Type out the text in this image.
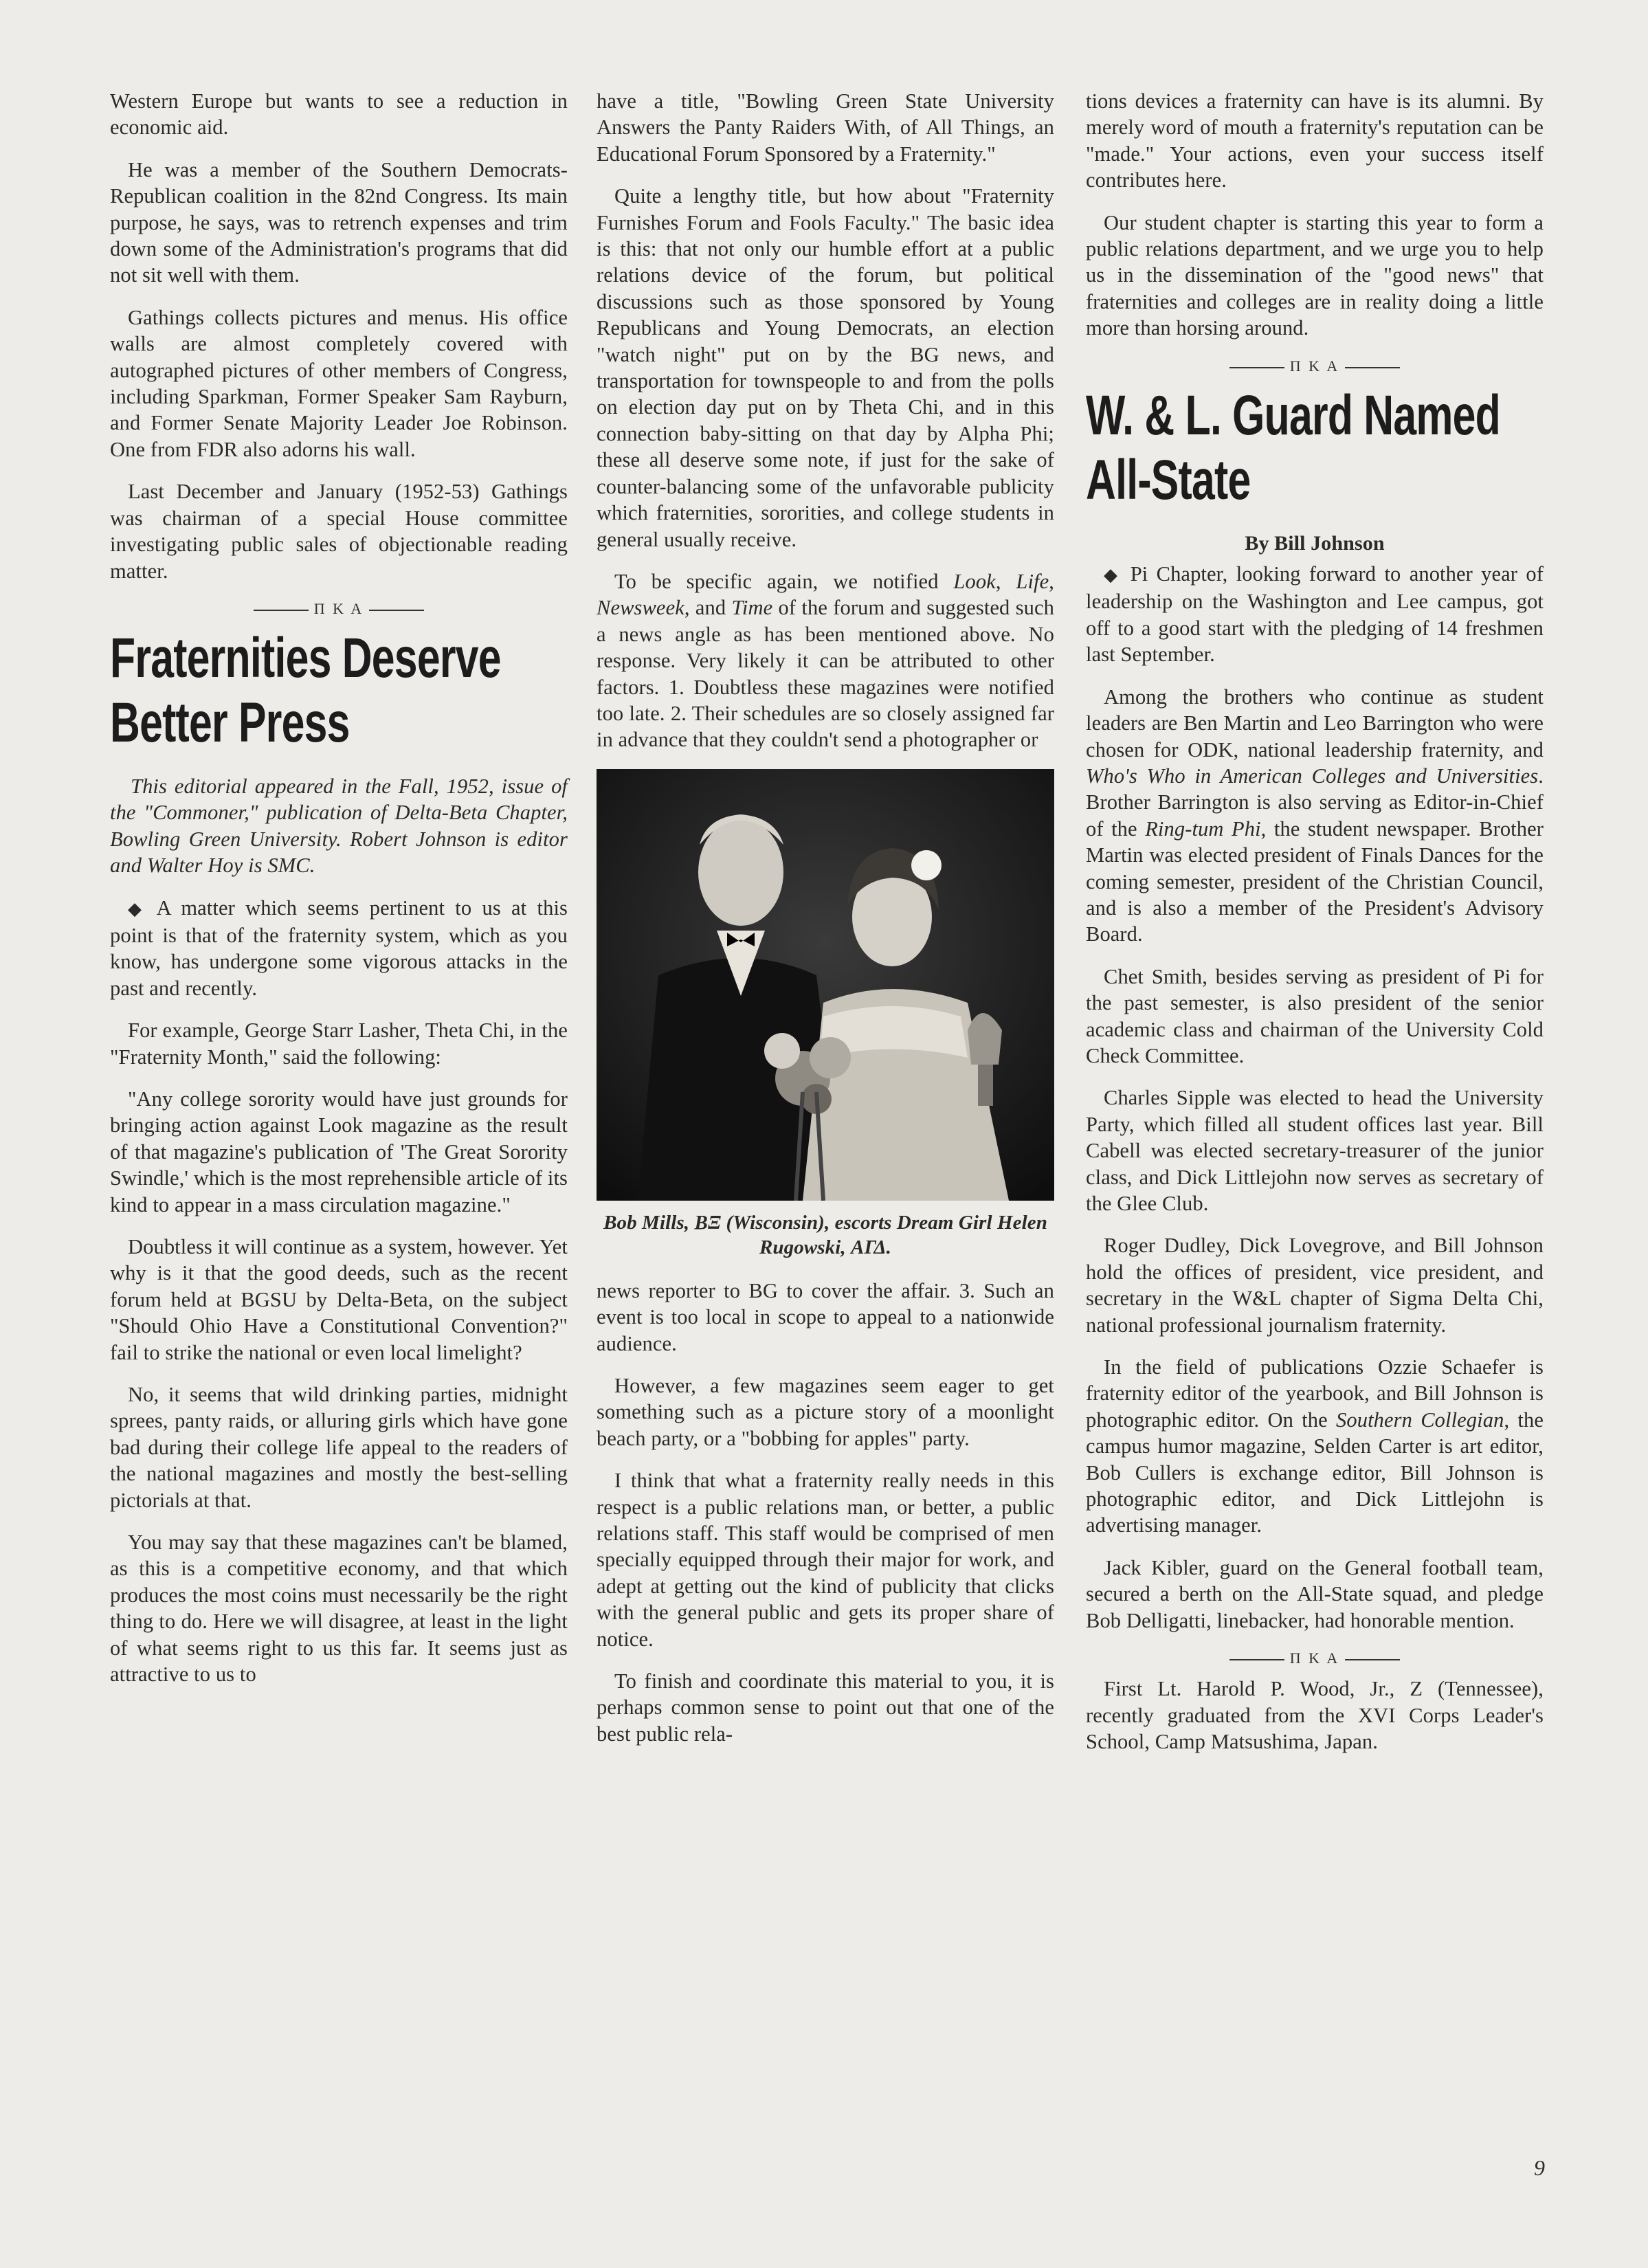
Western Europe but wants to see a reduction in economic aid.

He was a member of the Southern Democrats-Republican coalition in the 82nd Congress. Its main purpose, he says, was to retrench expenses and trim down some of the Administration's programs that did not sit well with them.

Gathings collects pictures and menus. His office walls are almost completely covered with autographed pictures of other members of Congress, including Sparkman, Former Speaker Sam Rayburn, and Former Senate Majority Leader Joe Robinson. One from FDR also adorns his wall.

Last December and January (1952-53) Gathings was chairman of a special House committee investigating public sales of objectionable reading matter.

Π Κ Α
Fraternities Deserve Better Press

This editorial appeared in the Fall, 1952, issue of the "Commoner," publication of Delta-Beta Chapter, Bowling Green University. Robert Johnson is editor and Walter Hoy is SMC.

◆ A matter which seems pertinent to us at this point is that of the fraternity system, which as you know, has undergone some vigorous attacks in the past and recently.

For example, George Starr Lasher, Theta Chi, in the "Fraternity Month," said the following:

"Any college sorority would have just grounds for bringing action against Look magazine as the result of that magazine's publication of 'The Great Sorority Swindle,' which is the most reprehensible article of its kind to appear in a mass circulation magazine."

Doubtless it will continue as a system, however. Yet why is it that the good deeds, such as the recent forum held at BGSU by Delta-Beta, on the subject "Should Ohio Have a Constitutional Convention?" fail to strike the national or even local limelight?

No, it seems that wild drinking parties, midnight sprees, panty raids, or alluring girls which have gone bad during their college life appeal to the readers of the national magazines and mostly the best-selling pictorials at that.

You may say that these magazines can't be blamed, as this is a competitive economy, and that which produces the most coins must necessarily be the right thing to do. Here we will disagree, at least in the light of what seems right to us this far. It seems just as attractive to us to

have a title, "Bowling Green State University Answers the Panty Raiders With, of All Things, an Educational Forum Sponsored by a Fraternity."

Quite a lengthy title, but how about "Fraternity Furnishes Forum and Fools Faculty." The basic idea is this: that not only our humble effort at a public relations device of the forum, but political discussions such as those sponsored by Young Republicans and Young Democrats, an election "watch night" put on by the BG news, and transportation for townspeople to and from the polls on election day put on by Theta Chi, and in this connection baby-sitting on that day by Alpha Phi; these all deserve some note, if just for the sake of counter-balancing some of the unfavorable publicity which fraternities, sororities, and college students in general usually receive.

To be specific again, we notified Look, Life, Newsweek, and Time of the forum and suggested such a news angle as has been mentioned above. No response. Very likely it can be attributed to other factors. 1. Doubtless these magazines were notified too late. 2. Their schedules are so closely assigned far in advance that they couldn't send a photographer or

Bob Mills, ΒΞ (Wisconsin), escorts Dream Girl Helen Rugowski, ΑΓΔ.

news reporter to BG to cover the affair. 3. Such an event is too local in scope to appeal to a nationwide audience.

However, a few magazines seem eager to get something such as a picture story of a moonlight beach party, or a "bobbing for apples" party.

I think that what a fraternity really needs in this respect is a public relations man, or better, a public relations staff. This staff would be comprised of men specially equipped through their major for work, and adept at getting out the kind of publicity that clicks with the general public and gets its proper share of notice.

To finish and coordinate this material to you, it is perhaps common sense to point out that one of the best public rela-

tions devices a fraternity can have is its alumni. By merely word of mouth a fraternity's reputation can be "made." Your actions, even your success itself contributes here.

Our student chapter is starting this year to form a public relations department, and we urge you to help us in the dissemination of the "good news" that fraternities and colleges are in reality doing a little more than horsing around.

Π Κ Α
W. & L. Guard Named All-State

By Bill Johnson

◆ Pi Chapter, looking forward to another year of leadership on the Washington and Lee campus, got off to a good start with the pledging of 14 freshmen last September.

Among the brothers who continue as student leaders are Ben Martin and Leo Barrington who were chosen for ODK, national leadership fraternity, and Who's Who in American Colleges and Universities. Brother Barrington is also serving as Editor-in-Chief of the Ring-tum Phi, the student newspaper. Brother Martin was elected president of Finals Dances for the coming semester, president of the Christian Council, and is also a member of the President's Advisory Board.

Chet Smith, besides serving as president of Pi for the past semester, is also president of the senior academic class and chairman of the University Cold Check Committee.

Charles Sipple was elected to head the University Party, which filled all student offices last year. Bill Cabell was elected secretary-treasurer of the junior class, and Dick Littlejohn now serves as secretary of the Glee Club.

Roger Dudley, Dick Lovegrove, and Bill Johnson hold the offices of president, vice president, and secretary in the W&L chapter of Sigma Delta Chi, national professional journalism fraternity.

In the field of publications Ozzie Schaefer is fraternity editor of the yearbook, and Bill Johnson is photographic editor. On the Southern Collegian, the campus humor magazine, Selden Carter is art editor, Bob Cullers is exchange editor, Bill Johnson is photographic editor, and Dick Littlejohn is advertising manager.

Jack Kibler, guard on the General football team, secured a berth on the All-State squad, and pledge Bob Delligatti, linebacker, had honorable mention.

Π Κ Α

First Lt. Harold P. Wood, Jr., Z (Tennessee), recently graduated from the XVI Corps Leader's School, Camp Matsushima, Japan.

9
